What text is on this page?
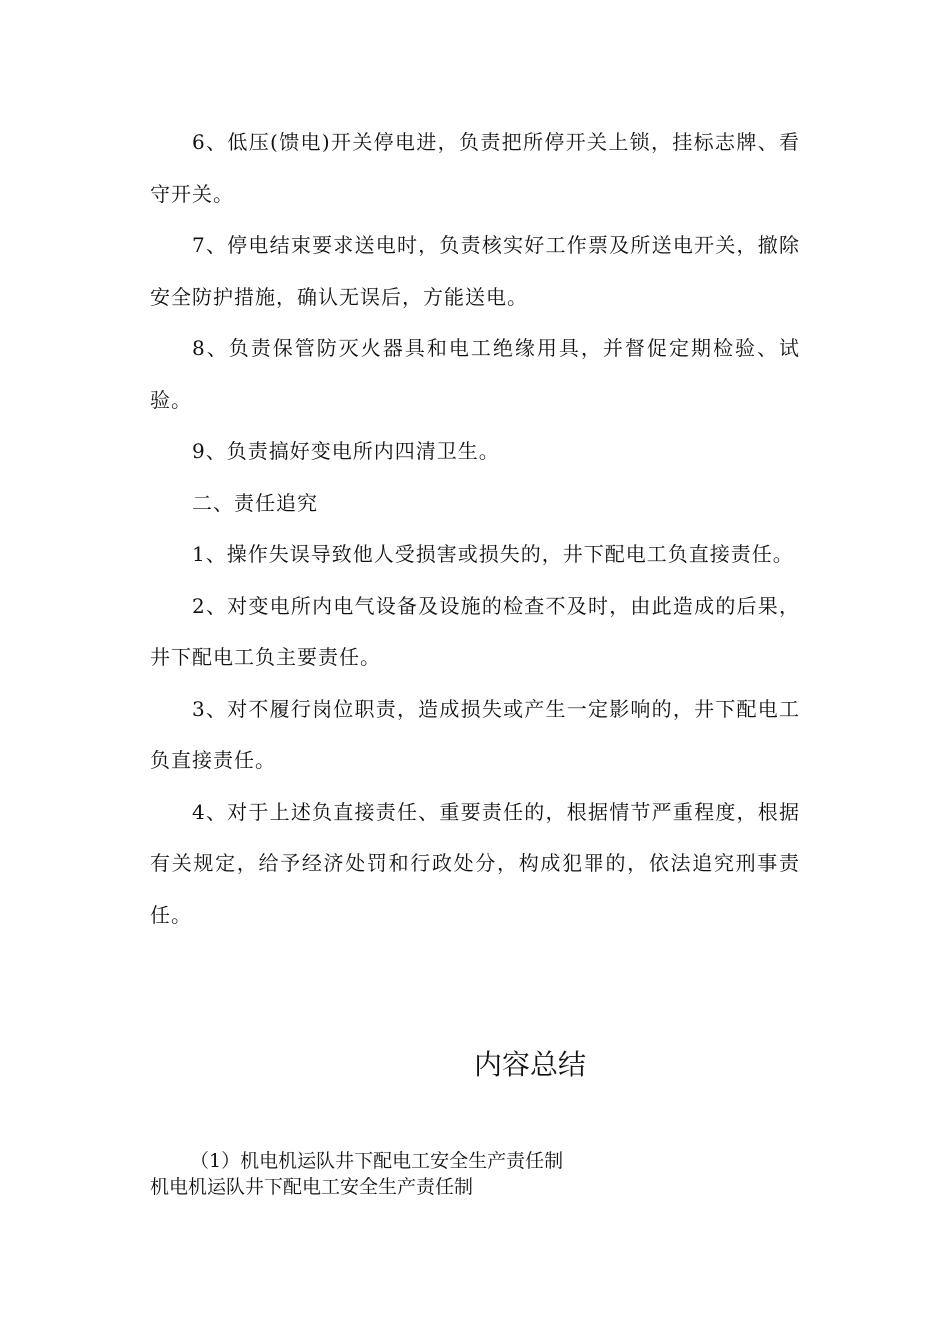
6、低压(馈电)开关停电进，负责把所停开关上锁，挂标志牌、看守开关。

7、停电结束要求送电时，负责核实好工作票及所送电开关，撤除安全防护措施，确认无误后，方能送电。

8、负责保管防灭火器具和电工绝缘用具，并督促定期检验、试验。

9、负责搞好变电所内四清卫生。

二、责任追究

1、操作失误导致他人受损害或损失的，井下配电工负直接责任。

2、对变电所内电气设备及设施的检查不及时，由此造成的后果，井下配电工负主要责任。

3、对不履行岗位职责，造成损失或产生一定影响的，井下配电工负直接责任。

4、对于上述负直接责任、重要责任的，根据情节严重程度，根据有关规定，给予经济处罚和行政处分，构成犯罪的，依法追究刑事责任。

内容总结
（1）机电机运队井下配电工安全生产责任制
机电机运队井下配电工安全生产责任制
